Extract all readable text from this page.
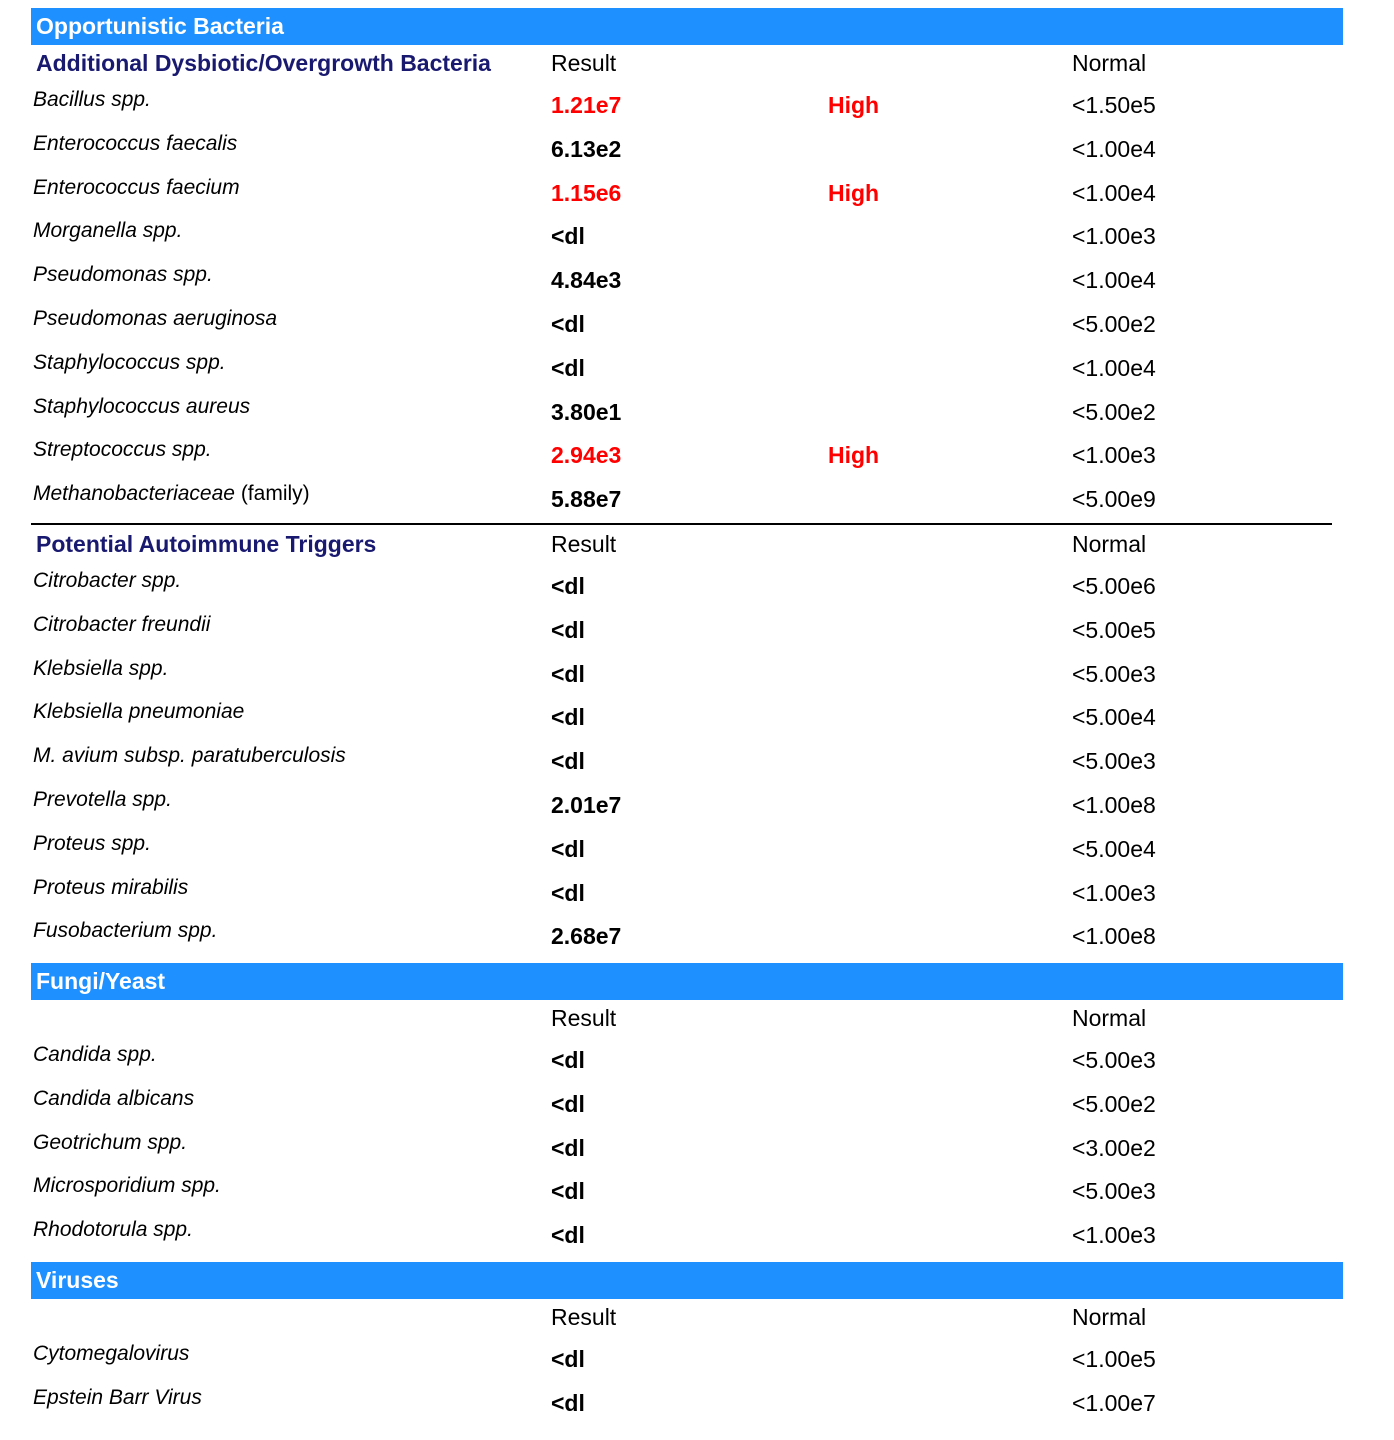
Opportunistic Bacteria
Additional Dysbiotic/Overgrowth Bacteria	Result	Normal
Bacillus spp.	1.21e7	High	<1.50e5
Enterococcus faecalis	6.13e2	<1.00e4
Enterococcus faecium	1.15e6	High	<1.00e4
Morganella spp.	<dl	<1.00e3
Pseudomonas spp.	4.84e3	<1.00e4
Pseudomonas aeruginosa	<dl	<5.00e2
Staphylococcus spp.	<dl	<1.00e4
Staphylococcus aureus	3.80e1	<5.00e2
Streptococcus spp.	2.94e3	High	<1.00e3
Methanobacteriaceae (family)	5.88e7	<5.00e9
Potential Autoimmune Triggers	Result	Normal
Citrobacter spp.	<dl	<5.00e6
Citrobacter freundii	<dl	<5.00e5
Klebsiella spp.	<dl	<5.00e3
Klebsiella pneumoniae	<dl	<5.00e4
M. avium subsp. paratuberculosis	<dl	<5.00e3
Prevotella spp.	2.01e7	<1.00e8
Proteus spp.	<dl	<5.00e4
Proteus mirabilis	<dl	<1.00e3
Fusobacterium spp.	2.68e7	<1.00e8
Fungi/Yeast
Result	Normal
Candida spp.	<dl	<5.00e3
Candida albicans	<dl	<5.00e2
Geotrichum spp.	<dl	<3.00e2
Microsporidium spp.	<dl	<5.00e3
Rhodotorula spp.	<dl	<1.00e3
Viruses
Result	Normal
Cytomegalovirus	<dl	<1.00e5
Epstein Barr Virus	<dl	<1.00e7
